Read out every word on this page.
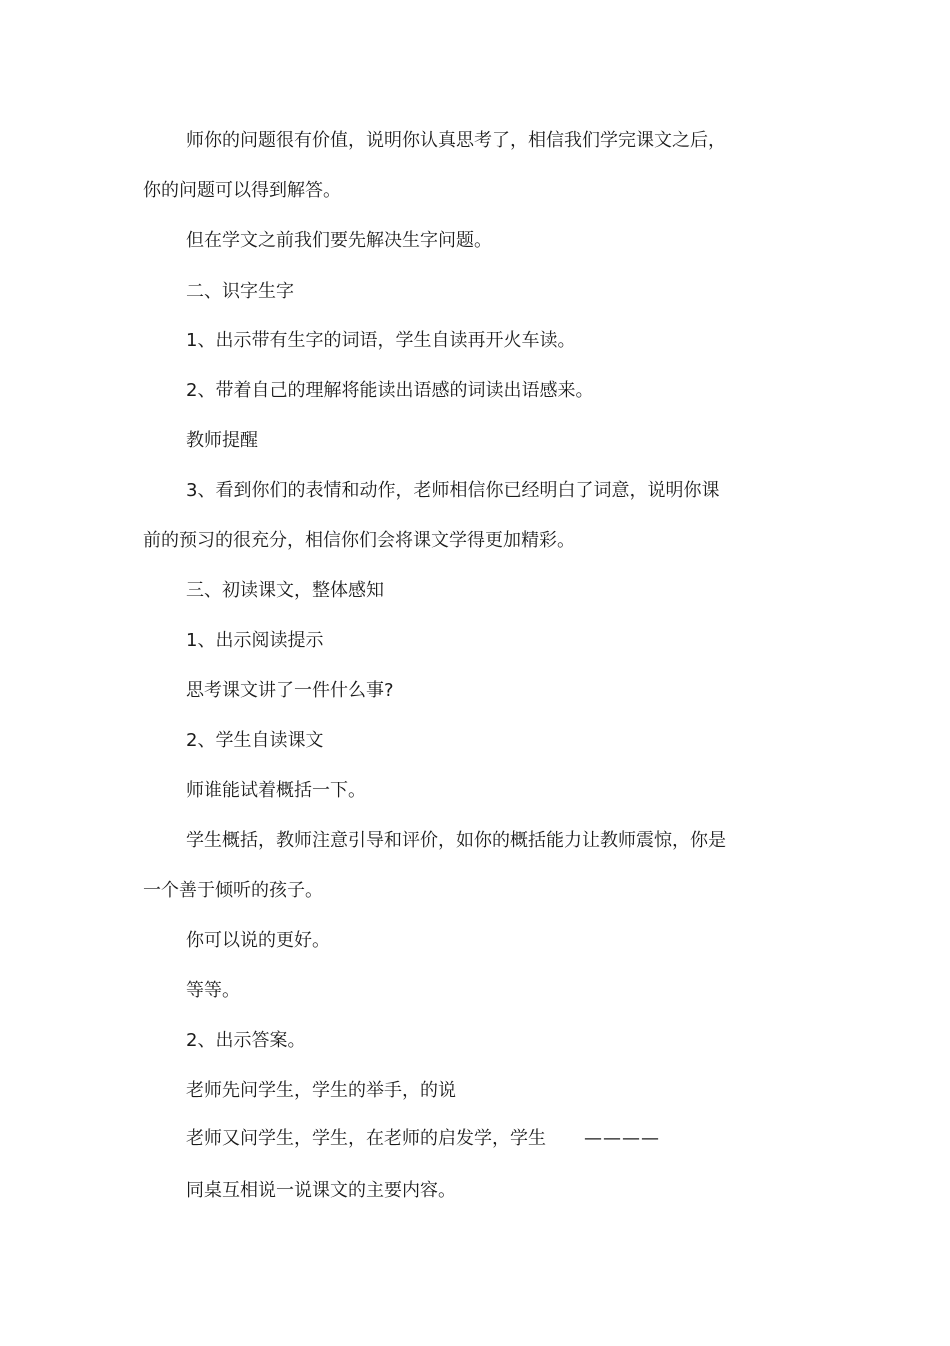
师你的问题很有价值，说明你认真思考了，相信我们学完课文之后，

你的问题可以得到解答。

但在学文之前我们要先解决生字问题。

二、识字生字

1、出示带有生字的词语，学生自读再开火车读。

2、带着自己的理解将能读出语感的词读出语感来。

教师提醒

3、看到你们的表情和动作，老师相信你已经明白了词意，说明你课

前的预习的很充分，相信你们会将课文学得更加精彩。

三、初读课文，整体感知

1、出示阅读提示

思考课文讲了一件什么事?

2、学生自读课文

师谁能试着概括一下。

学生概括，教师注意引导和评价，如你的概括能力让教师震惊，你是

一个善于倾听的孩子。

你可以说的更好。

等等。

2、出示答案。

老师先问学生，学生的举手，的说

老师又问学生，学生，在老师的启发学，学生 ————

同桌互相说一说课文的主要内容。
